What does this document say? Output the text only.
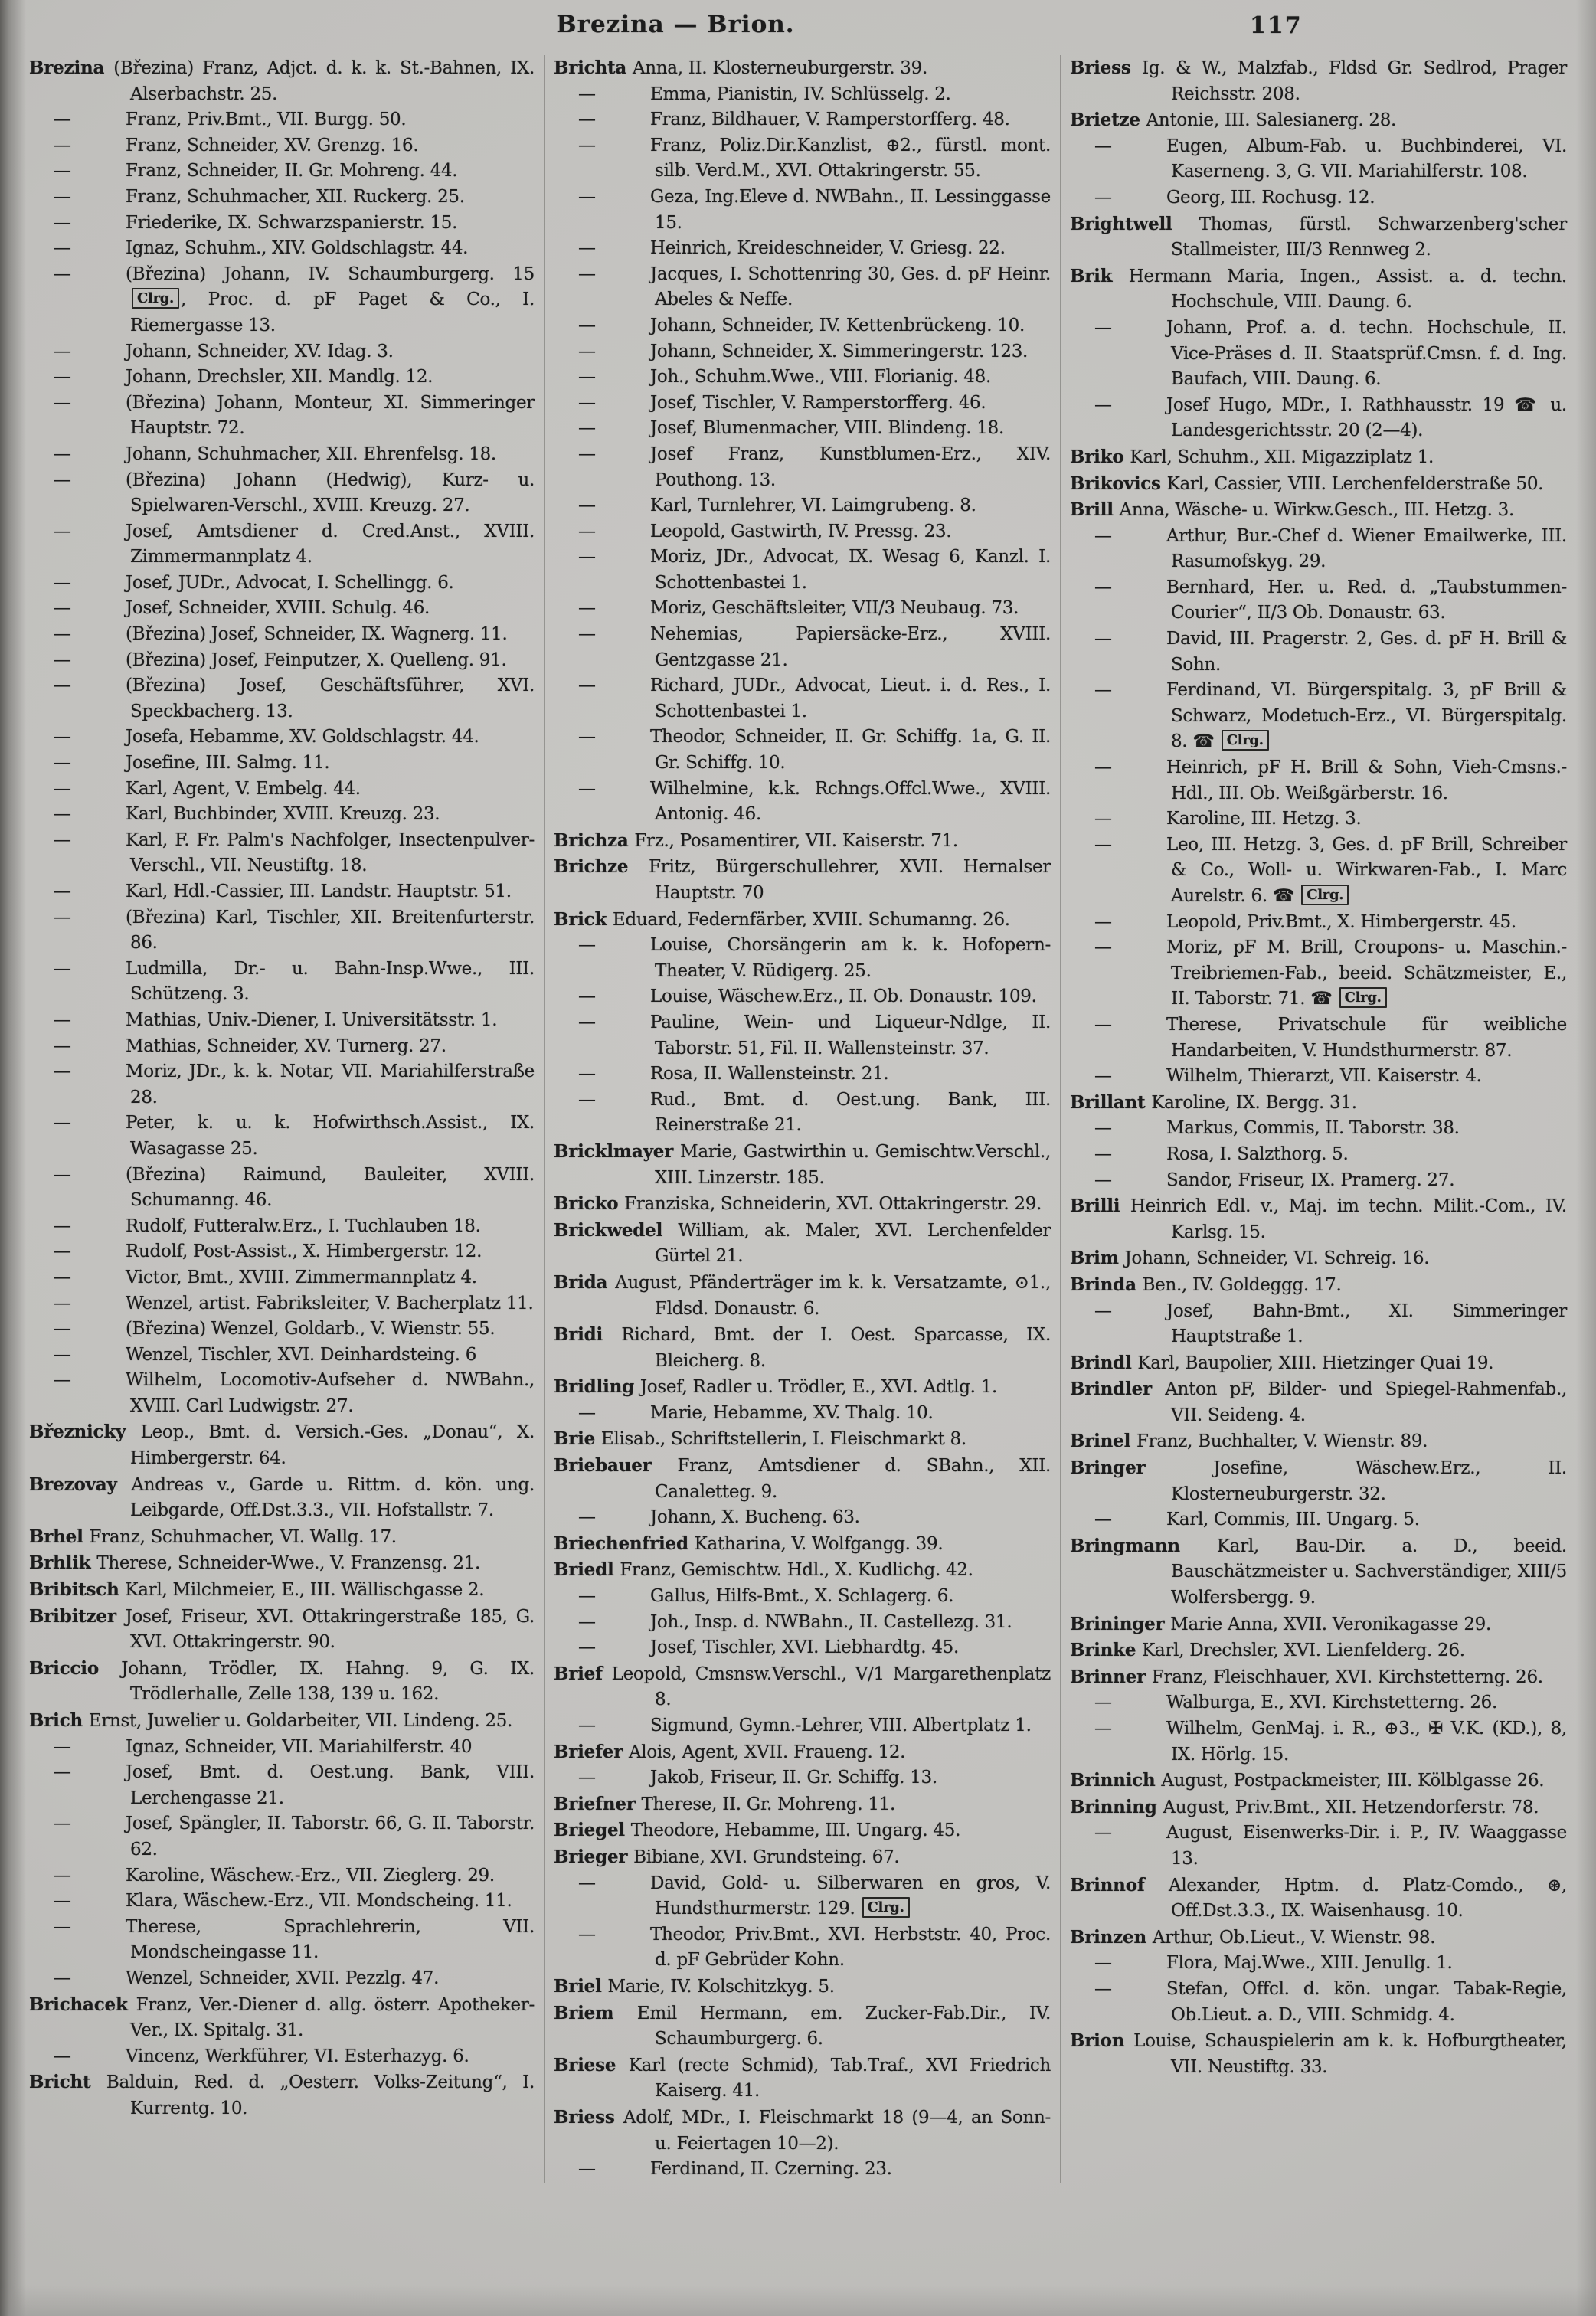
Brezina — Brion.	117

Brezina (Březina) Franz, Adjct. d. k. k. St.-Bahnen, IX. Alserbachstr. 25.

—	Franz, Priv.Bmt., VII. Burgg. 50.

—	Franz, Schneider, XV. Grenzg. 16.

—	Franz, Schneider, II. Gr. Mohreng. 44.

—	Franz, Schuhmacher, XII. Ruckerg. 25.

—	Friederike, IX. Schwarzspanierstr. 15.

—	Ignaz, Schuhm., XIV. Goldschlagstr. 44.

—	(Březina) Johann, IV. Schaumburgerg. 15 Clrg. , Proc. d. pF Paget & Co., I. Riemergasse 13.

—	Johann, Schneider, XV. Idag. 3.

—	Johann, Drechsler, XII. Mandlg. 12.

—	(Březina) Johann, Monteur, XI. Simmeringer Hauptstr. 72.

—	Johann, Schuhmacher, XII. Ehrenfelsg. 18.

—	(Březina) Johann (Hedwig), Kurz- u. Spielwaren-Verschl., XVIII. Kreuzg. 27.

—	Josef, Amtsdiener d. Cred.Anst., XVIII. Zimmermannplatz 4.

—	Josef, JUDr., Advocat, I. Schellingg. 6.

—	Josef, Schneider, XVIII. Schulg. 46.

—	(Březina) Josef, Schneider, IX. Wagnerg. 11.

—	(Březina) Josef, Feinputzer, X. Quelleng. 91.

—	(Březina) Josef, Geschäftsführer, XVI. Speckbacherg. 13.

—	Josefa, Hebamme, XV. Goldschlagstr. 44.

—	Josefine, III. Salmg. 11.

—	Karl, Agent, V. Embelg. 44.

—	Karl, Buchbinder, XVIII. Kreuzg. 23.

—	Karl, F. Fr. Palm's Nachfolger, Insectenpulver-Verschl., VII. Neustiftg. 18.

—	Karl, Hdl.-Cassier, III. Landstr. Hauptstr. 51.

—	(Březina) Karl, Tischler, XII. Breitenfurterstr. 86.

—	Ludmilla, Dr.- u. Bahn-Insp.Wwe., III. Schützeng. 3.

—	Mathias, Univ.-Diener, I. Universitätsstr. 1.

—	Mathias, Schneider, XV. Turnerg. 27.

—	Moriz, JDr., k. k. Notar, VII. Mariahilferstraße 28.

—	Peter, k. u. k. Hofwirthsch.Assist., IX. Wasagasse 25.

—	(Březina) Raimund, Bauleiter, XVIII. Schumanng. 46.

—	Rudolf, Futteralw.Erz., I. Tuchlauben 18.

—	Rudolf, Post-Assist., X. Himbergerstr. 12.

—	Victor, Bmt., XVIII. Zimmermannplatz 4.

—	Wenzel, artist. Fabriksleiter, V. Bacherplatz 11.

—	(Březina) Wenzel, Goldarb., V. Wienstr. 55.

—	Wenzel, Tischler, XVI. Deinhardsteing. 6

—	Wilhelm, Locomotiv-Aufseher d. NWBahn., XVIII. Carl Ludwigstr. 27.

Březnicky Leop., Bmt. d. Versich.-Ges. „Donau“, X. Himbergerstr. 64.

Brezovay Andreas v., Garde u. Rittm. d. kön. ung. Leibgarde, Off.Dst.3.3., VII. Hofstallstr. 7.

Brhel Franz, Schuhmacher, VI. Wallg. 17.

Brhlik Therese, Schneider-Wwe., V. Franzensg. 21.

Bribitsch Karl, Milchmeier, E., III. Wällischgasse 2.

Bribitzer Josef, Friseur, XVI. Ottakringerstraße 185, G. XVI. Ottakringerstr. 90.

Briccio Johann, Trödler, IX. Hahng. 9, G. IX. Trödlerhalle, Zelle 138, 139 u. 162.

Brich Ernst, Juwelier u. Goldarbeiter, VII. Lindeng. 25.

—	Ignaz, Schneider, VII. Mariahilferstr. 40

—	Josef, Bmt. d. Oest.ung. Bank, VIII. Lerchengasse 21.

—	Josef, Spängler, II. Taborstr. 66, G. II. Taborstr. 62.

—	Karoline, Wäschew.-Erz., VII. Zieglerg. 29.

—	Klara, Wäschew.-Erz., VII. Mondscheing. 11.

—	Therese, Sprachlehrerin, VII. Mondscheingasse 11.

—	Wenzel, Schneider, XVII. Pezzlg. 47.

Brichacek Franz, Ver.-Diener d. allg. österr. Apotheker-Ver., IX. Spitalg. 31.

—	Vincenz, Werkführer, VI. Esterhazyg. 6.

Bricht Balduin, Red. d. „Oesterr. Volks-Zeitung“, I. Kurrentg. 10.

Brichta Anna, II. Klosterneuburgerstr. 39.

—	Emma, Pianistin, IV. Schlüsselg. 2.

—	Franz, Bildhauer, V. Ramperstorfferg. 48.

—	Franz, Poliz.Dir.Kanzlist, ⊕2., fürstl. mont. silb. Verd.M., XVI. Ottakringerstr. 55.

—	Geza, Ing.Eleve d. NWBahn., II. Lessinggasse 15.

—	Heinrich, Kreideschneider, V. Griesg. 22.

—	Jacques, I. Schottenring 30, Ges. d. pF Heinr. Abeles & Neffe.

—	Johann, Schneider, IV. Kettenbrückeng. 10.

—	Johann, Schneider, X. Simmeringerstr. 123.

—	Joh., Schuhm.Wwe., VIII. Florianig. 48.

—	Josef, Tischler, V. Ramperstorfferg. 46.

—	Josef, Blumenmacher, VIII. Blindeng. 18.

—	Josef Franz, Kunstblumen-Erz., XIV. Pouthong. 13.

—	Karl, Turnlehrer, VI. Laimgrubeng. 8.

—	Leopold, Gastwirth, IV. Pressg. 23.

—	Moriz, JDr., Advocat, IX. Wesag 6, Kanzl. I. Schottenbastei 1.

—	Moriz, Geschäftsleiter, VII/3 Neubaug. 73.

—	Nehemias, Papiersäcke-Erz., XVIII. Gentzgasse 21.

—	Richard, JUDr., Advocat, Lieut. i. d. Res., I. Schottenbastei 1.

—	Theodor, Schneider, II. Gr. Schiffg. 1a, G. II. Gr. Schiffg. 10.

—	Wilhelmine, k.k. Rchngs.Offcl.Wwe., XVIII. Antonig. 46.

Brichza Frz., Posamentirer, VII. Kaiserstr. 71.

Brichze Fritz, Bürgerschullehrer, XVII. Hernalser Hauptstr. 70

Brick Eduard, Federnfärber, XVIII. Schumanng. 26.

—	Louise, Chorsängerin am k. k. Hofopern-Theater, V. Rüdigerg. 25.

—	Louise, Wäschew.Erz., II. Ob. Donaustr. 109.

—	Pauline, Wein- und Liqueur-Ndlge, II. Taborstr. 51, Fil. II. Wallensteinstr. 37.

—	Rosa, II. Wallensteinstr. 21.

—	Rud., Bmt. d. Oest.ung. Bank, III. Reinerstraße 21.

Bricklmayer Marie, Gastwirthin u. Gemischtw.Verschl., XIII. Linzerstr. 185.

Bricko Franziska, Schneiderin, XVI. Ottakringerstr. 29.

Brickwedel William, ak. Maler, XVI. Lerchenfelder Gürtel 21.

Brida August, Pfänderträger im k. k. Versatzamte, ⊙1., Fldsd. Donaustr. 6.

Bridi Richard, Bmt. der I. Oest. Sparcasse, IX. Bleicherg. 8.

Bridling Josef, Radler u. Trödler, E., XVI. Adtlg. 1.

—	Marie, Hebamme, XV. Thalg. 10.

Brie Elisab., Schriftstellerin, I. Fleischmarkt 8.

Briebauer Franz, Amtsdiener d. SBahn., XII. Canaletteg. 9.

—	Johann, X. Bucheng. 63.

Briechenfried Katharina, V. Wolfgangg. 39.

Briedl Franz, Gemischtw. Hdl., X. Kudlichg. 42.

—	Gallus, Hilfs-Bmt., X. Schlagerg. 6.

—	Joh., Insp. d. NWBahn., II. Castellezg. 31.

—	Josef, Tischler, XVI. Liebhardtg. 45.

Brief Leopold, Cmsnsw.Verschl., V/1 Margarethenplatz 8.

—	Sigmund, Gymn.-Lehrer, VIII. Albertplatz 1.

Briefer Alois, Agent, XVII. Fraueng. 12.

—	Jakob, Friseur, II. Gr. Schiffg. 13.

Briefner Therese, II. Gr. Mohreng. 11.

Briegel Theodore, Hebamme, III. Ungarg. 45.

Brieger Bibiane, XVI. Grundsteing. 67.

—	David, Gold- u. Silberwaren en gros, V. Hundsthurmerstr. 129. Clrg.

—	Theodor, Priv.Bmt., XVI. Herbststr. 40, Proc. d. pF Gebrüder Kohn.

Briel Marie, IV. Kolschitzkyg. 5.

Briem Emil Hermann, em. Zucker-Fab.Dir., IV. Schaumburgerg. 6.

Briese Karl (recte Schmid), Tab.Traf., XVI Friedrich Kaiserg. 41.

Briess Adolf, MDr., I. Fleischmarkt 18 (9—4, an Sonn- u. Feiertagen 10—2).

—	Ferdinand, II. Czerning. 23.

Briess Ig. & W., Malzfab., Fldsd Gr. Sedlrod, Prager Reichsstr. 208.

Brietze Antonie, III. Salesianerg. 28.

—	Eugen, Album-Fab. u. Buchbinderei, VI. Kaserneng. 3, G. VII. Mariahilferstr. 108.

—	Georg, III. Rochusg. 12.

Brightwell Thomas, fürstl. Schwarzenberg'scher Stallmeister, III/3 Rennweg 2.

Brik Hermann Maria, Ingen., Assist. a. d. techn. Hochschule, VIII. Daung. 6.

—	Johann, Prof. a. d. techn. Hochschule, II. Vice-Präses d. II. Staatsprüf.Cmsn. f. d. Ing. Baufach, VIII. Daung. 6.

—	Josef Hugo, MDr., I. Rathhausstr. 19 ☎ u. Landesgerichtsstr. 20 (2—4).

Briko Karl, Schuhm., XII. Migazziplatz 1.

Brikovics Karl, Cassier, VIII. Lerchenfelderstraße 50.

Brill Anna, Wäsche- u. Wirkw.Gesch., III. Hetzg. 3.

—	Arthur, Bur.-Chef d. Wiener Emailwerke, III. Rasumofskyg. 29.

—	Bernhard, Her. u. Red. d. „Taubstummen-Courier“, II/3 Ob. Donaustr. 63.

—	David, III. Pragerstr. 2, Ges. d. pF H. Brill & Sohn.

—	Ferdinand, VI. Bürgerspitalg. 3, pF Brill & Schwarz, Modetuch-Erz., VI. Bürgerspitalg. 8. ☎ Clrg.

—	Heinrich, pF H. Brill & Sohn, Vieh-Cmsns.-Hdl., III. Ob. Weißgärberstr. 16.

—	Karoline, III. Hetzg. 3.

—	Leo, III. Hetzg. 3, Ges. d. pF Brill, Schreiber & Co., Woll- u. Wirkwaren-Fab., I. Marc Aurelstr. 6. ☎ Clrg.

—	Leopold, Priv.Bmt., X. Himbergerstr. 45.

—	Moriz, pF M. Brill, Croupons- u. Maschin.-Treibriemen-Fab., beeid. Schätzmeister, E., II. Taborstr. 71. ☎ Clrg.

—	Therese, Privatschule für weibliche Handarbeiten, V. Hundsthurmerstr. 87.

—	Wilhelm, Thierarzt, VII. Kaiserstr. 4.

Brillant Karoline, IX. Bergg. 31.

—	Markus, Commis, II. Taborstr. 38.

—	Rosa, I. Salzthorg. 5.

—	Sandor, Friseur, IX. Pramerg. 27.

Brilli Heinrich Edl. v., Maj. im techn. Milit.-Com., IV. Karlsg. 15.

Brim Johann, Schneider, VI. Schreig. 16.

Brinda Ben., IV. Goldeggg. 17.

—	Josef, Bahn-Bmt., XI. Simmeringer Hauptstraße 1.

Brindl Karl, Baupolier, XIII. Hietzinger Quai 19.

Brindler Anton pF, Bilder- und Spiegel-Rahmenfab., VII. Seideng. 4.

Brinel Franz, Buchhalter, V. Wienstr. 89.

Bringer Josefine, Wäschew.Erz., II. Klosterneuburgerstr. 32.

—	Karl, Commis, III. Ungarg. 5.

Bringmann Karl, Bau-Dir. a. D., beeid. Bauschätzmeister u. Sachverständiger, XIII/5 Wolfersbergg. 9.

Brininger Marie Anna, XVII. Veronikagasse 29.

Brinke Karl, Drechsler, XVI. Lienfelderg. 26.

Brinner Franz, Fleischhauer, XVI. Kirchstetterng. 26.

—	Walburga, E., XVI. Kirchstetterng. 26.

—	Wilhelm, GenMaj. i. R., ⊕3., ✠ V.K. (KD.), 8, IX. Hörlg. 15.

Brinnich August, Postpackmeister, III. Kölblgasse 26.

Brinning August, Priv.Bmt., XII. Hetzendorferstr. 78.

—	August, Eisenwerks-Dir. i. P., IV. Waaggasse 13.

Brinnof Alexander, Hptm. d. Platz-Comdo., ⊛, Off.Dst.3.3., IX. Waisenhausg. 10.

Brinzen Arthur, Ob.Lieut., V. Wienstr. 98.

—	Flora, Maj.Wwe., XIII. Jenullg. 1.

—	Stefan, Offcl. d. kön. ungar. Tabak-Regie, Ob.Lieut. a. D., VIII. Schmidg. 4.

Brion Louise, Schauspielerin am k. k. Hofburgtheater, VII. Neustiftg. 33.
